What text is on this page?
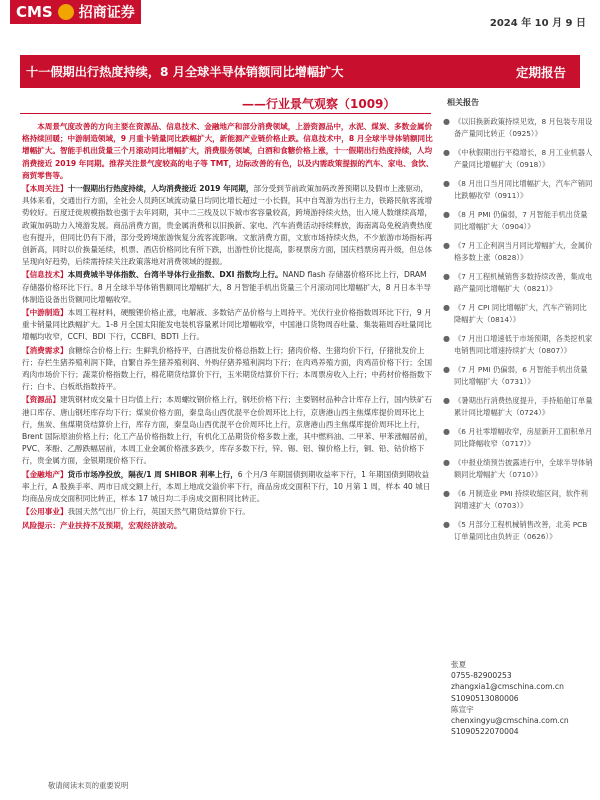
CMS 招商证券
2024 年 10 月 9 日
十一假期出行热度持续，8 月全球半导体销额同比增幅扩大	定期报告
——行业景气观察（1009）
本周景气度改善的方向主要在资源品、信息技术、金融地产和部分消费领域，上游资源品中，水泥、煤炭、多数金属价格持续回暖；中游制造领域，9 月重卡销量同比跌幅扩大，新能源产业链价格止跌。信息技术中，8 月全球半导体销额同比增幅扩大。智能手机出货量三个月滚动同比增幅扩大，消费服务领域，白酒和食糖价格上涨，十一假期出行热度持续，人均消费接近 2019 年同期。推荐关注景气度较高的电子等 TMT，边际改善的有色，以及内需政策提振的汽车、家电、食饮、商贸零售等。
【本周关注】十一假期出行热度持续，人均消费接近 2019 年同期，部分受到节前政策加码改善预期以及假市上涨驱动，具体来看，交通出行方面，全社会人员跨区域流动量日均同比增长超过一小长假，其中自驾游为出行主力，铁路民航客流增势较好。百度迁徙规模指数也强于去年同期，其中二三线及以下城市客容量较高，跨境游持续火热，出入境人数继续高增，政策加码助力入境游发展。商品消费方面，贵金属消费和以旧换新、家电、汽车消费活动持续释放，海南离岛免税消费热度也有提升，但同比仍有下滑，部分受跨境旅游恢复分流客流影响。文旅消费方面，文旅市场持续火热，不少旅游市场指标再创新高，同时以价换量延续，机票、酒店价格同比有所下跌，出游性价比提高，影视票房方面，国庆档票房再升级，但总体呈现向好趋势，后续需持续关注政策落地对消费领域的提振。
【信息技术】本周费城半导体指数、台湾半导体行业指数、DXI 指数均上行。NAND flash 存储器价格环比上行，DRAM 存储器价格环比下行。8 月全球半导体销售额同比增幅扩大，8 月智能手机出货量三个月滚动同比增幅扩大，8 月日本半导体制造设备出货额同比增幅收窄。
【中游制造】本周工程材料，硬酸锂价格止涨，电解液、多数钴产品价格与上周持平。光伏行业价格指数周环比下行，9 月重卡销量同比跌幅扩大。1-8 月全国太阳能发电装机容量累计同比增幅收窄，中国港口货物周吞吐量、集装箱周吞吐量同比增幅均收窄，CCFI、BDI 下行，CCBFI、BDTI 上行。
【消费需求】食糖综合价格上行；生鲜乳价格持平，白酒批发价格总指数上行；猪肉价格、生猪均价下行，仔猪批发价上行；存栏生猪养殖利润下降，自繁自养生猪养殖利润、外购仔猪养殖利润均下行；在肉鸡养殖方面，肉鸡苗价格下行；全国鸡肉市场价下行；蔬菜价格指数上行，棉花期货结算价下行，玉米期货结算价下行；本周票房收入上行；中药材价格指数下行；白卡、白板纸指数持平。
【资源品】建筑钢材成交量十日均值上行；本周螺纹钢价格上行，钢坯价格下行；主要钢材品种合计库存上行，国内铁矿石港口库存、唐山钢坯库存均下行；煤炭价格方面，秦皇岛山西优混平仓价周环比上行，京唐港山西主焦煤库提价周环比上行，焦炭、焦煤期货结算价上行，库存方面，秦皇岛山西优混平仓价周环比上行，京唐港山西主焦煤库提价周环比上行，Brent 国际原油价格上行；化工产品价格指数上行，有机化工品期货价格多数上涨，其中燃料油、二甲苯、甲苯涨幅居前，PVC、苯酚、乙醇跌幅居前，本周工业金属价格涨多跌少，库存多数下行，锌、锡、铝、镍价格上行，铜、铅、钴价格下行，贵金属方面，金银期现价格下行。
【金融地产】货币市场净投放，隔夜/1 周 SHIBOR 利率上行，6 个月/3 年期国债到期收益率下行，1 年期国债到期收益率上行，A 股换手率、两市日成交额上行，本周上地成交溢价率下行，商品房成交面积下行，10 月第 1 周，样本 40 城日均商品房成交面积同比转正，样本 17 城日均二手房成交面积同比转正。
【公用事业】我国天然气出厂价上行，英国天然气期货结算价下行。
风险提示：产业扶持不及预期，宏观经济波动。
相关报告
● 《以旧换新政策持续见效，8 月包装专用设备产量同比转正（0925）》
● 《中秋假期出行平稳增长，8 月工业机器人产量同比增幅扩大（0918）》
● 《8 月出口当月同比增幅扩大，汽车产销同比跌幅收窄（0911）》
● 《8 月 PMI 仍偏弱，7 月智能手机出货量同比增幅扩大（0904）》
● 《7 月工企利润当月同比增幅扩大，金属价格多数上涨（0828）》
● 《7 月工程机械销售多数持续改善，集成电路产量同比增幅扩大（0821）》
● 《7 月 CPI 同比增幅扩大，汽车产销同比降幅扩大（0814）》
● 《7 月出口增速低于市场预期，各类挖机家电销售同比增速持续扩大（0807）》
● 《7 月 PMI 仍偏弱，6 月智能手机出货量同比增幅扩大（0731）》
● 《暑期出行消费热度提升，手持船舶订单量累计同比增幅扩大（0724）》
● 《6 月社零增幅收窄，房屋新开工面积单月同比降幅收窄（0717）》
● 《中报业绩预告披露进行中，全球半导体销额同比增幅扩大（0710）》
● 《6 月制造业 PMI 持续收缩区间，软件利润增速扩大（0703）》
● 《5 月部分工程机械销售改善，北美 PCB 订单量同比由负转正（0626）》
张夏
0755-82900253
zhangxia1@cmschina.com.cn
S1090513080006
陈宣宇
chenxingyu@cmschina.com.cn
S1090522070004
敬请阅读末页的重要说明
